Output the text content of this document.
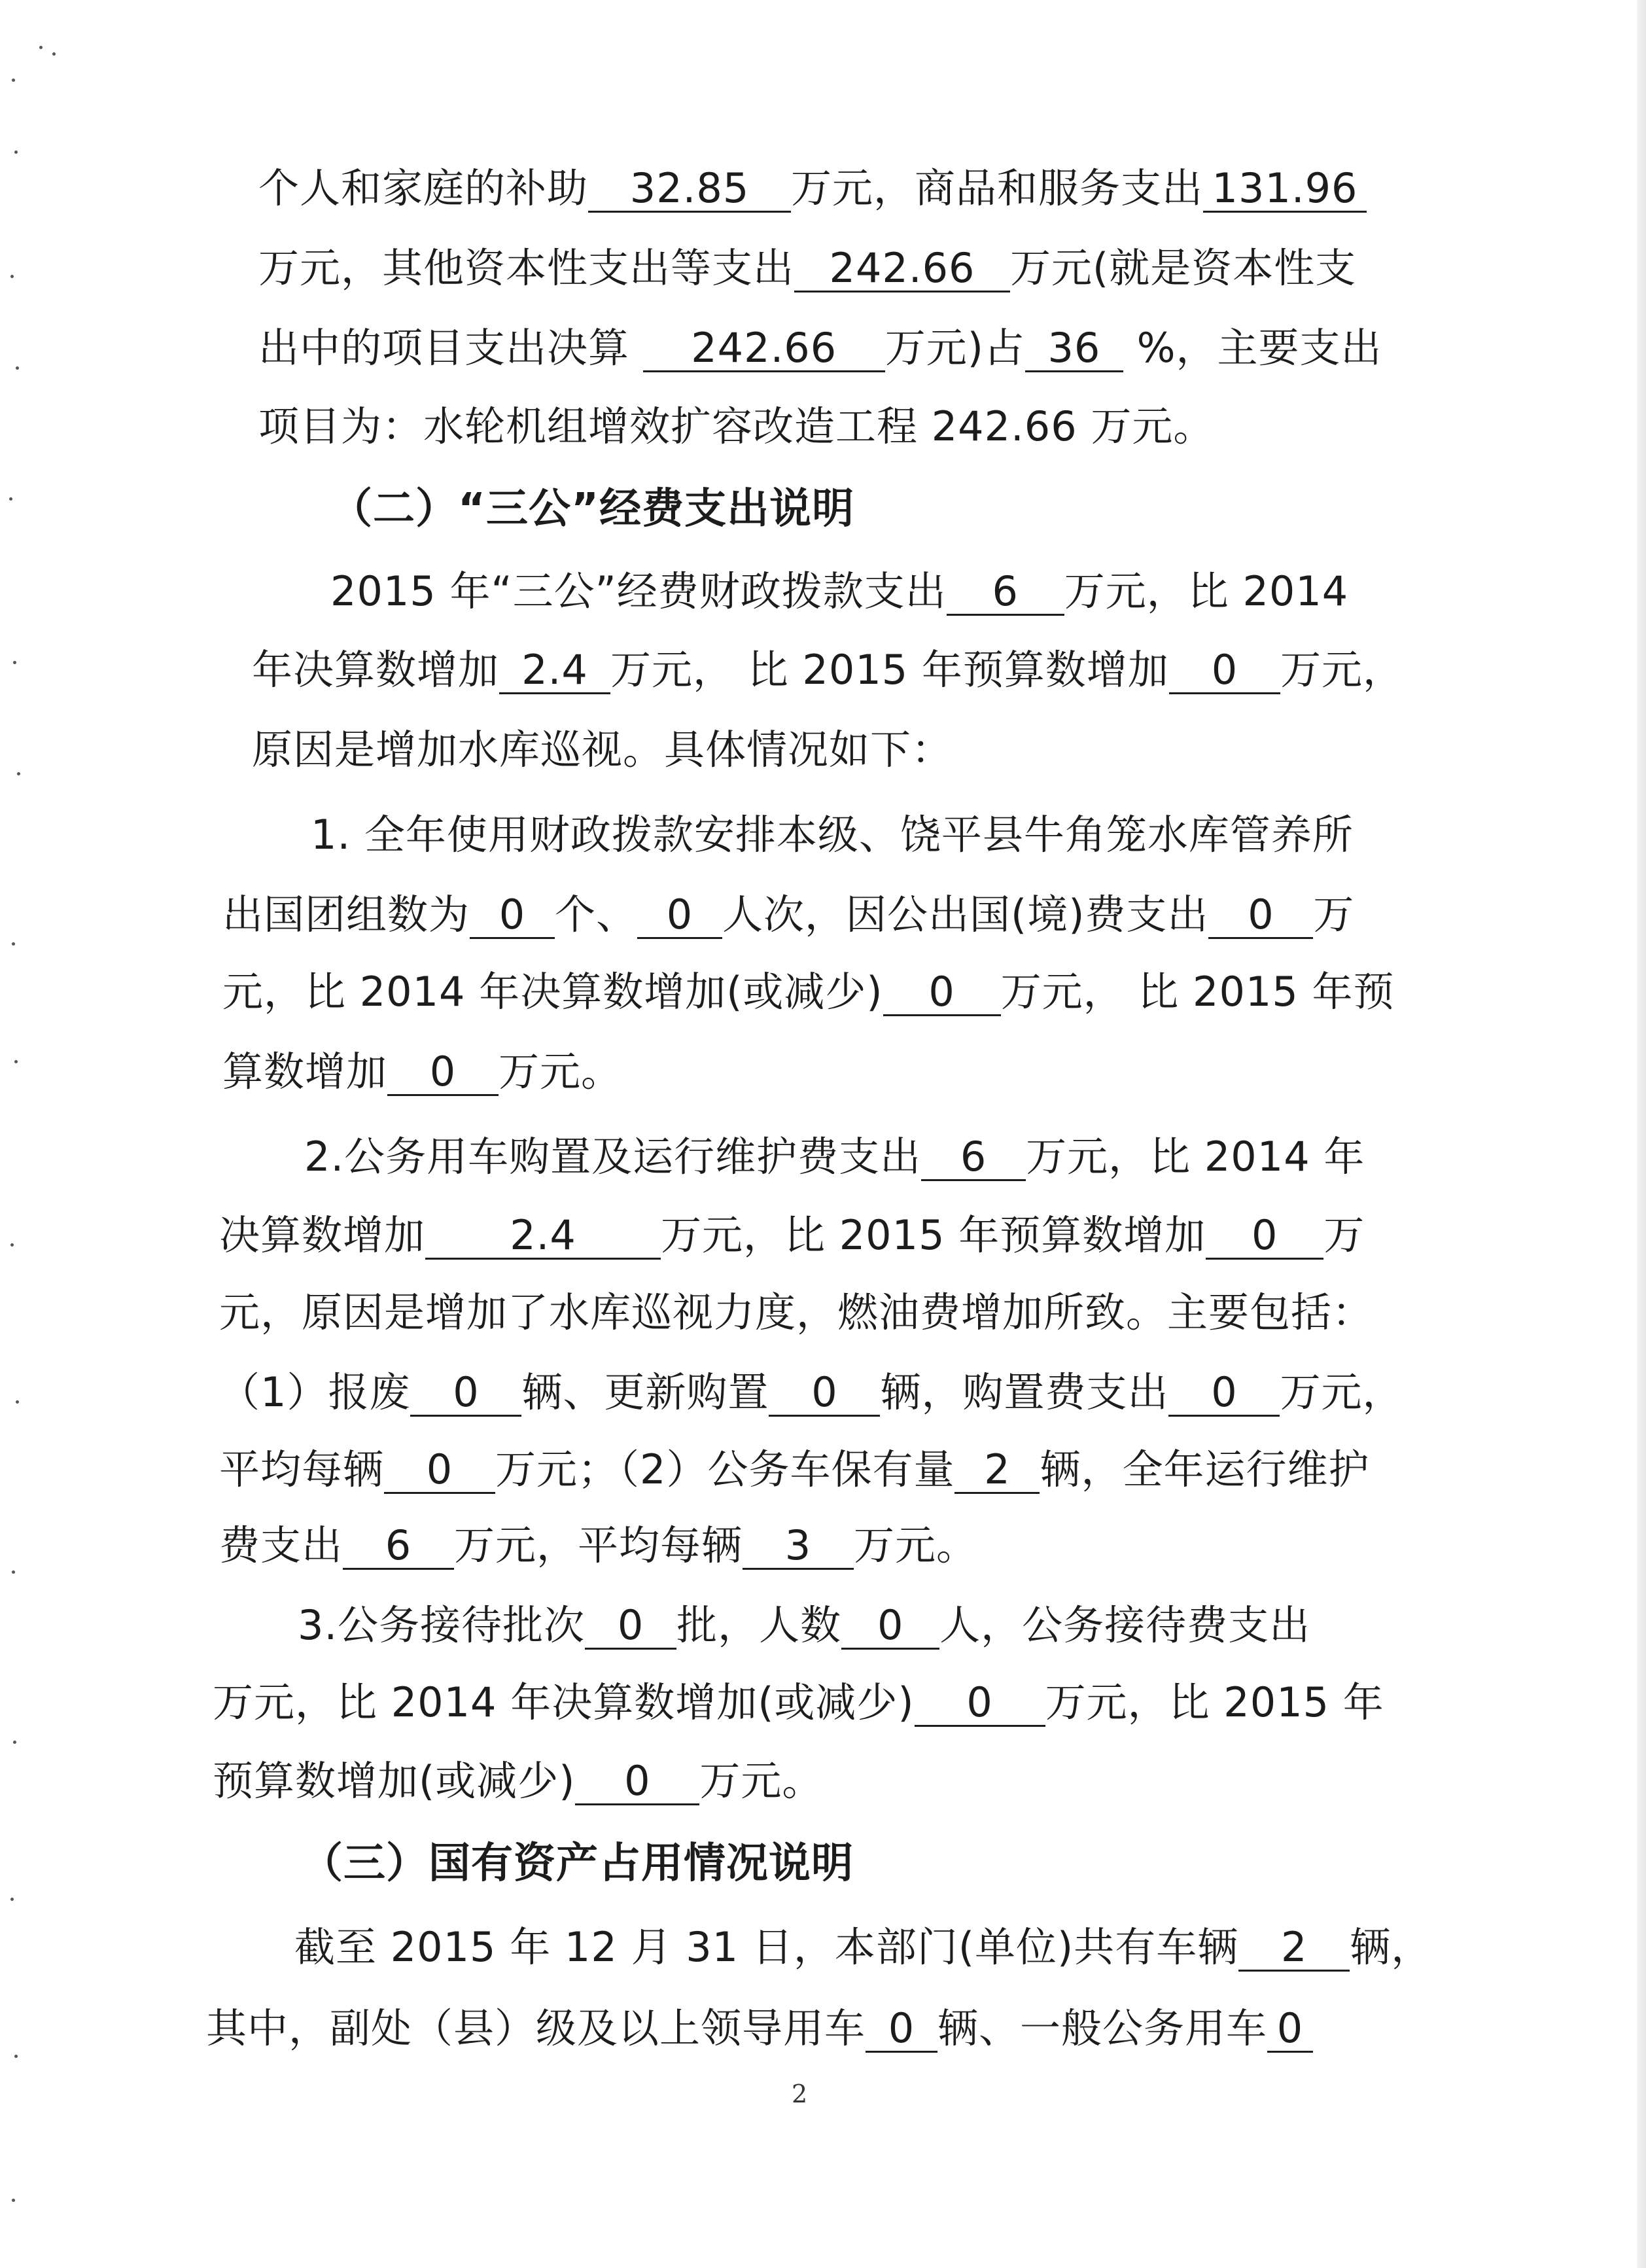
个人和家庭的补助 32.85 万元，商品和服务支出 131.96
万元，其他资本性支出等支出 242.66 万元(就是资本性支
出中的项目支出决算 242.66 万元)占 36 %，主要支出
项目为：水轮机组增效扩容改造工程 242.66 万元。
（二）“三公”经费支出说明
2015 年“三公”经费财政拨款支出 6 万元，比 2014
年决算数增加 2.4 万元， 比 2015 年预算数增加 0 万元，
原因是增加水库巡视。具体情况如下：
1. 全年使用财政拨款安排本级、饶平县牛角笼水库管养所
出国团组数为 0 个、 0 人次，因公出国(境)费支出 0 万
元，比 2014 年决算数增加(或减少) 0 万元， 比 2015 年预
算数增加 0 万元。
2.公务用车购置及运行维护费支出 6 万元，比 2014 年
决算数增加 2.4 万元，比 2015 年预算数增加 0 万
元，原因是增加了水库巡视力度，燃油费增加所致。主要包括：
（1）报废 0 辆、更新购置 0 辆，购置费支出 0 万元，
平均每辆 0 万元；（2）公务车保有量 2 辆，全年运行维护
费支出 6 万元，平均每辆 3 万元。
3.公务接待批次 0 批，人数 0 人，公务接待费支出
万元，比 2014 年决算数增加(或减少) 0 万元，比 2015 年
预算数增加(或减少) 0 万元。
（三）国有资产占用情况说明
截至 2015 年 12 月 31 日，本部门(单位)共有车辆 2 辆，
其中，副处（县）级及以上领导用车 0 辆、一般公务用车 0
2
